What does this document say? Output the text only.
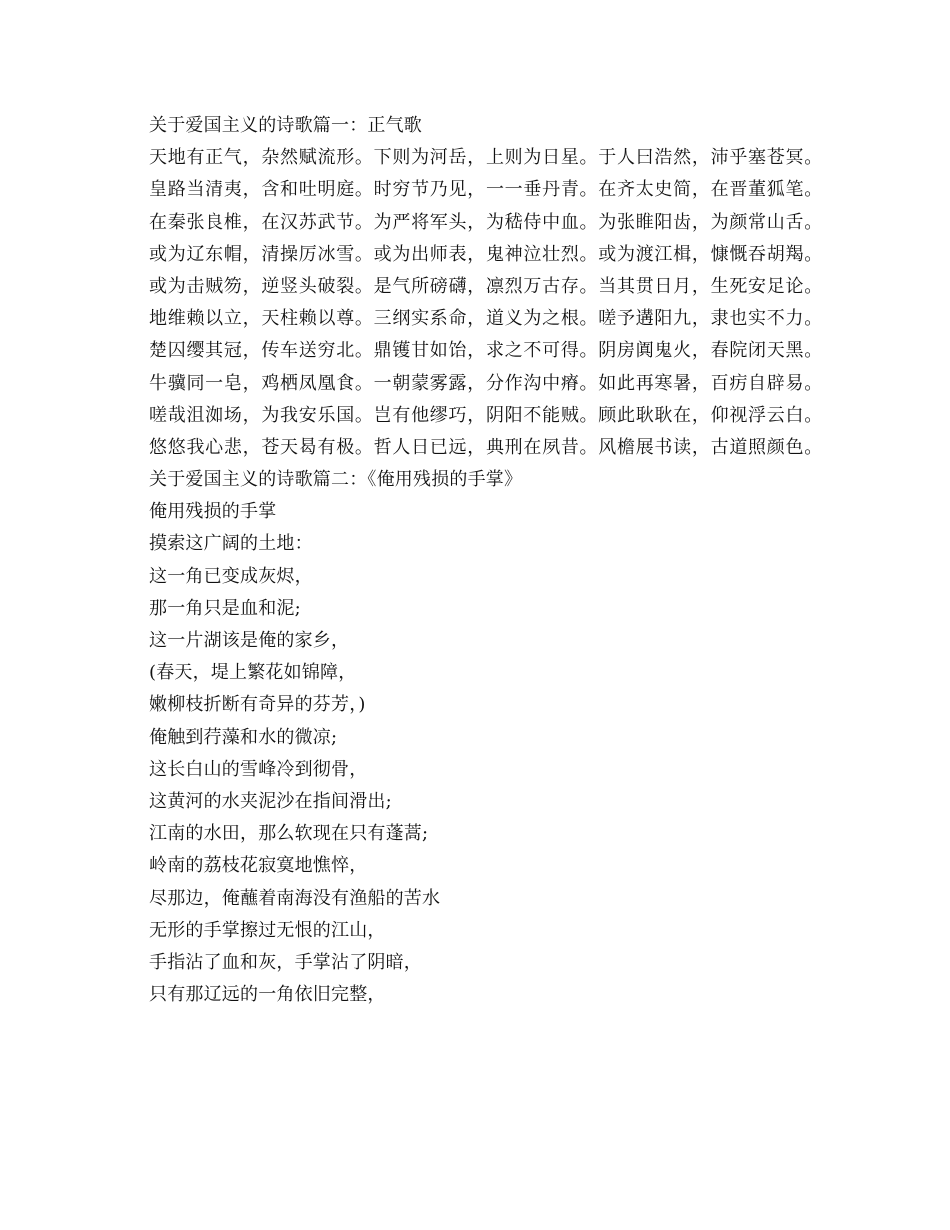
关于爱国主义的诗歌篇一：正气歌
天地有正气，杂然赋流形。下则为河岳，上则为日星。于人曰浩然，沛乎塞苍冥。
皇路当清夷，含和吐明庭。时穷节乃见，一一垂丹青。在齐太史简，在晋董狐笔。
在秦张良椎，在汉苏武节。为严将军头，为嵇侍中血。为张睢阳齿，为颜常山舌。
或为辽东帽，清操厉冰雪。或为出师表，鬼神泣壮烈。或为渡江楫，慷慨吞胡羯。
或为击贼笏，逆竖头破裂。是气所磅礴，凛烈万古存。当其贯日月，生死安足论。
地维赖以立，天柱赖以尊。三纲实系命，道义为之根。嗟予遘阳九，隶也实不力。
楚囚缨其冠，传车送穷北。鼎镬甘如饴，求之不可得。阴房阗鬼火，春院闭天黑。
牛骥同一皂，鸡栖凤凰食。一朝蒙雾露，分作沟中瘠。如此再寒暑，百疠自辟易。
嗟哉沮洳场，为我安乐国。岂有他缪巧，阴阳不能贼。顾此耿耿在，仰视浮云白。
悠悠我心悲，苍天曷有极。哲人日已远，典刑在夙昔。风檐展书读，古道照颜色。
关于爱国主义的诗歌篇二：《俺用残损的手掌》
俺用残损的手掌
摸索这广阔的土地：
这一角已变成灰烬，
那一角只是血和泥;
这一片湖该是俺的家乡，
(春天，堤上繁花如锦障，
嫩柳枝折断有奇异的芬芳，)
俺触到荇藻和水的微凉;
这长白山的雪峰冷到彻骨，
这黄河的水夹泥沙在指间滑出;
江南的水田，那么软现在只有蓬蒿;
岭南的荔枝花寂寞地憔悴，
尽那边，俺蘸着南海没有渔船的苦水
无形的手掌擦过无恨的江山，
手指沾了血和灰，手掌沾了阴暗，
只有那辽远的一角依旧完整，
